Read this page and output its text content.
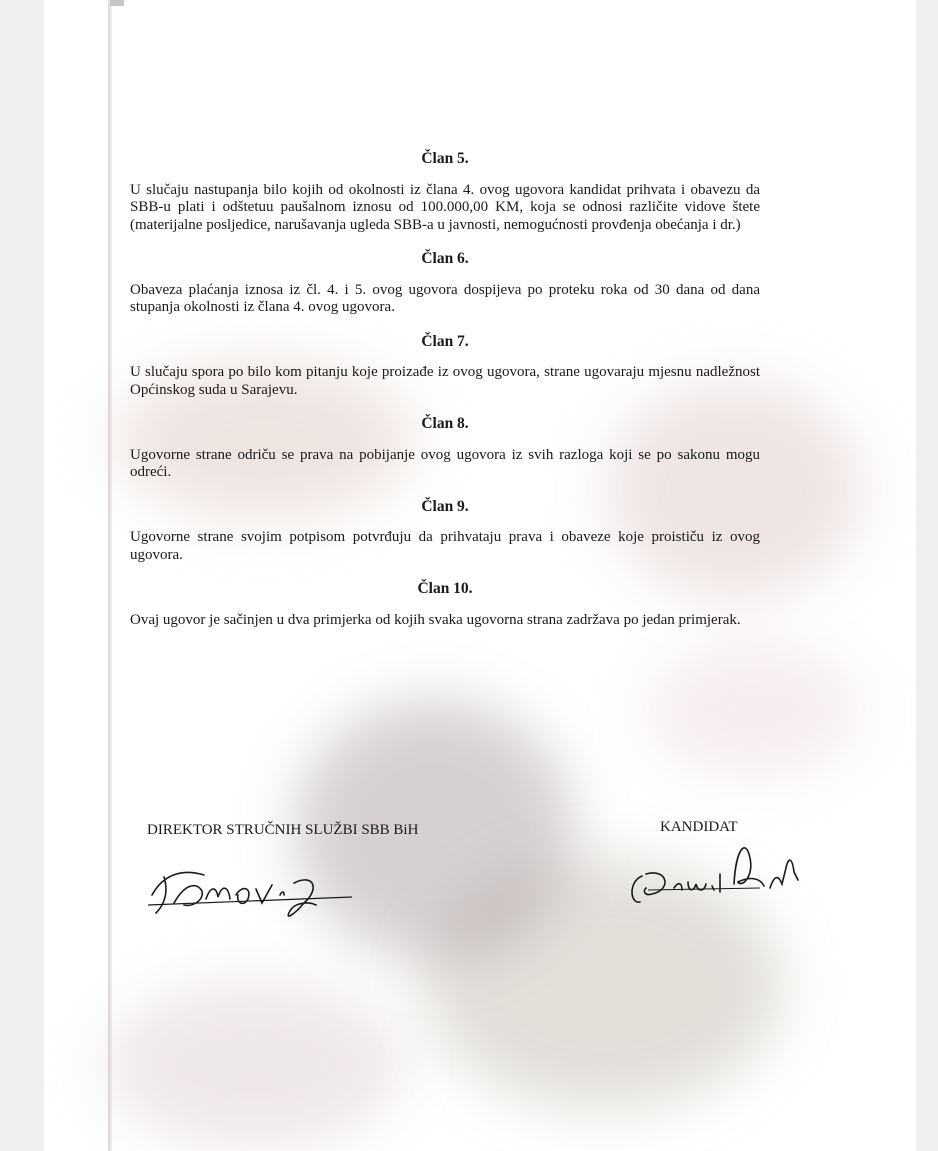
Član 5.

U slučaju nastupanja bilo kojih od okolnosti iz člana 4. ovog ugovora kandidat prihvata i obavezu da SBB-u plati i odštetuu paušalnom iznosu od 100.000,00 KM, koja se odnosi različite vidove štete (materijalne posljedice, narušavanja ugleda SBB-a u javnosti, nemogućnosti provđenja obećanja i dr.)

Član 6.

Obaveza plaćanja iznosa iz čl. 4. i 5. ovog ugovora dospijeva po proteku roka od 30 dana od dana stupanja okolnosti iz člana 4. ovog ugovora.

Član 7.

U slučaju spora po bilo kom pitanju koje proizađe iz ovog ugovora, strane ugovaraju mjesnu nadležnost Općinskog suda u Sarajevu.

Član 8.

Ugovorne strane odriču se prava na pobijanje ovog ugovora iz svih razloga koji se po sakonu mogu odreći.

Član 9.

Ugovorne strane svojim potpisom potvrđuju da prihvataju prava i obaveze koje proističu iz ovog ugovora.

Član 10.

Ovaj ugovor je sačinjen u dva primjerka od kojih svaka ugovorna strana zadržava po jedan primjerak.

DIREKTOR STRUČNIH SLUŽBI SBB BiH	KANDIDAT
